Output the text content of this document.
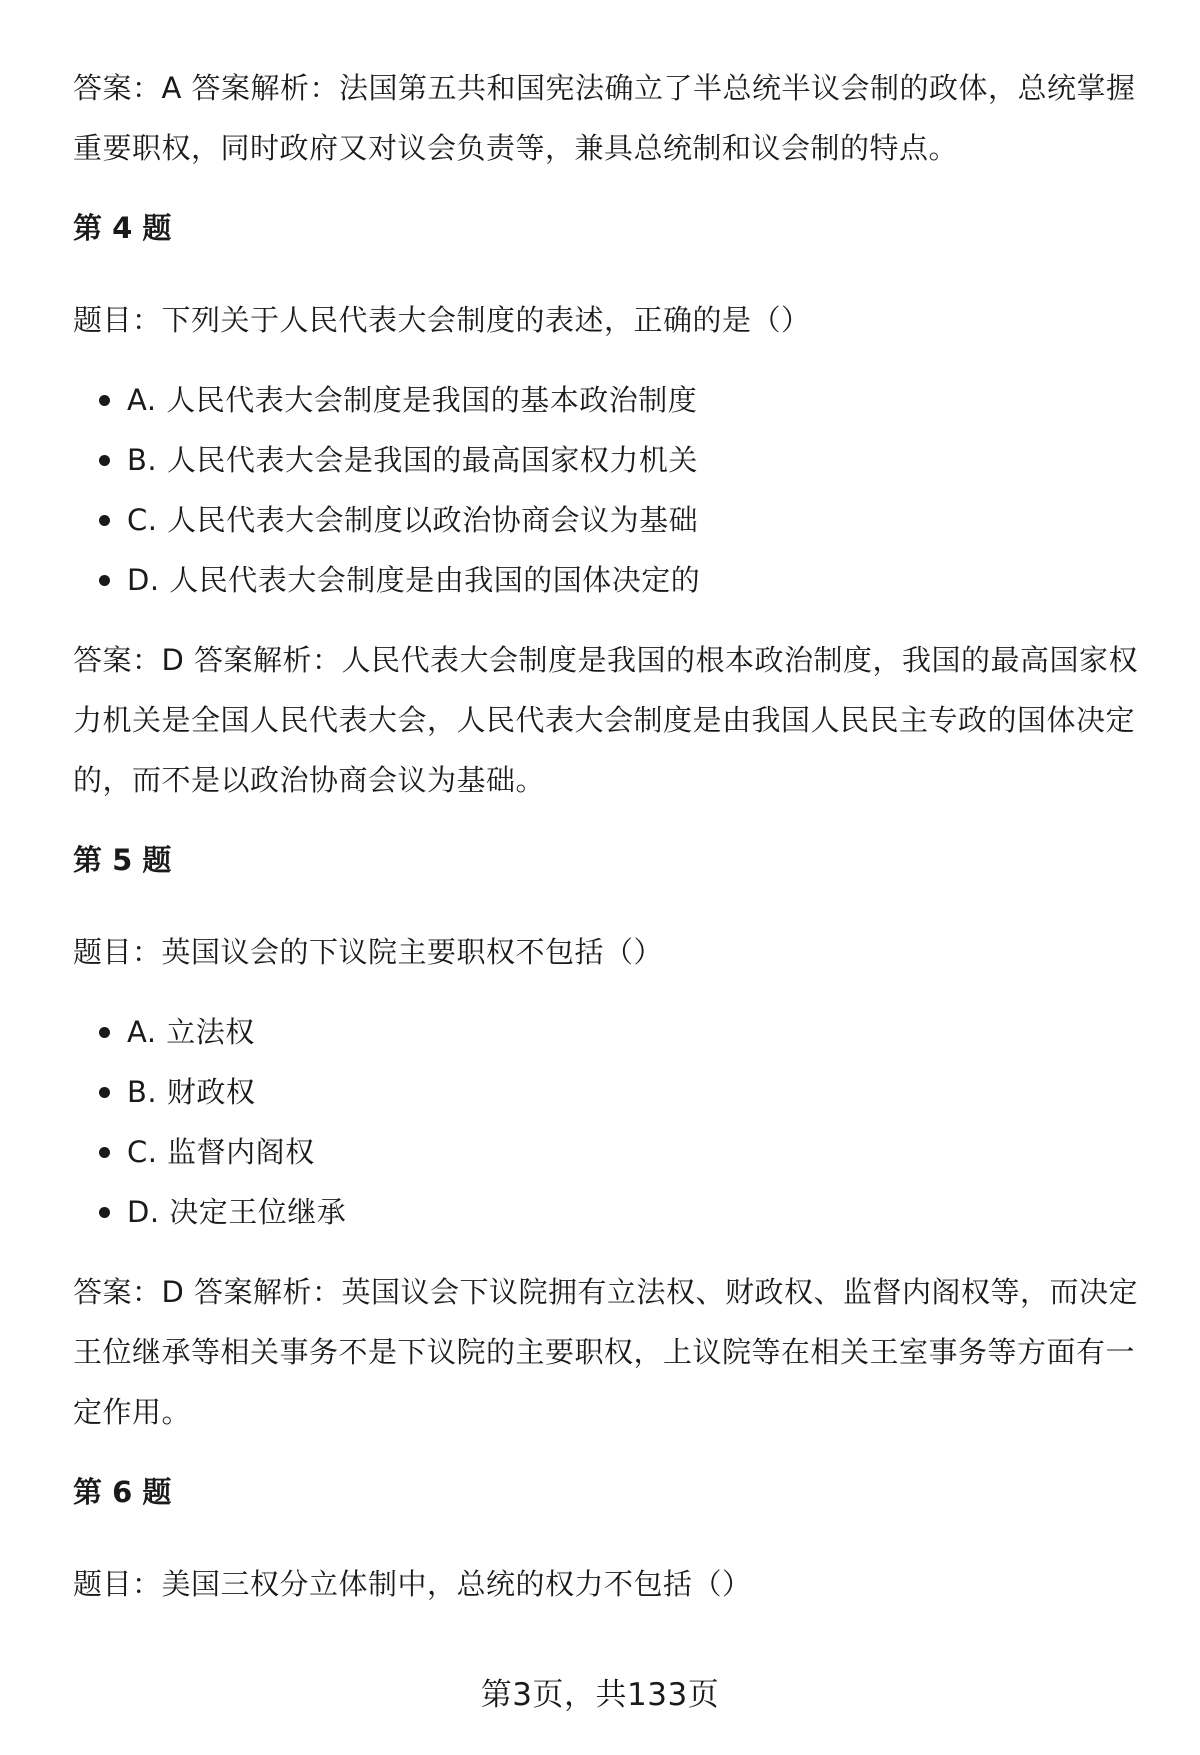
答案：A 答案解析：法国第五共和国宪法确立了半总统半议会制的政体，总统掌握重要职权，同时政府又对议会负责等，兼具总统制和议会制的特点。

第 4 题

题目：下列关于人民代表大会制度的表述，正确的是（）

A. 人民代表大会制度是我国的基本政治制度
B. 人民代表大会是我国的最高国家权力机关
C. 人民代表大会制度以政治协商会议为基础
D. 人民代表大会制度是由我国的国体决定的

答案：D 答案解析：人民代表大会制度是我国的根本政治制度，我国的最高国家权力机关是全国人民代表大会，人民代表大会制度是由我国人民民主专政的国体决定的，而不是以政治协商会议为基础。

第 5 题

题目：英国议会的下议院主要职权不包括（）

A. 立法权
B. 财政权
C. 监督内阁权
D. 决定王位继承

答案：D 答案解析：英国议会下议院拥有立法权、财政权、监督内阁权等，而决定王位继承等相关事务不是下议院的主要职权，上议院等在相关王室事务等方面有一定作用。

第 6 题

题目：美国三权分立体制中，总统的权力不包括（）

第3页，共133页
